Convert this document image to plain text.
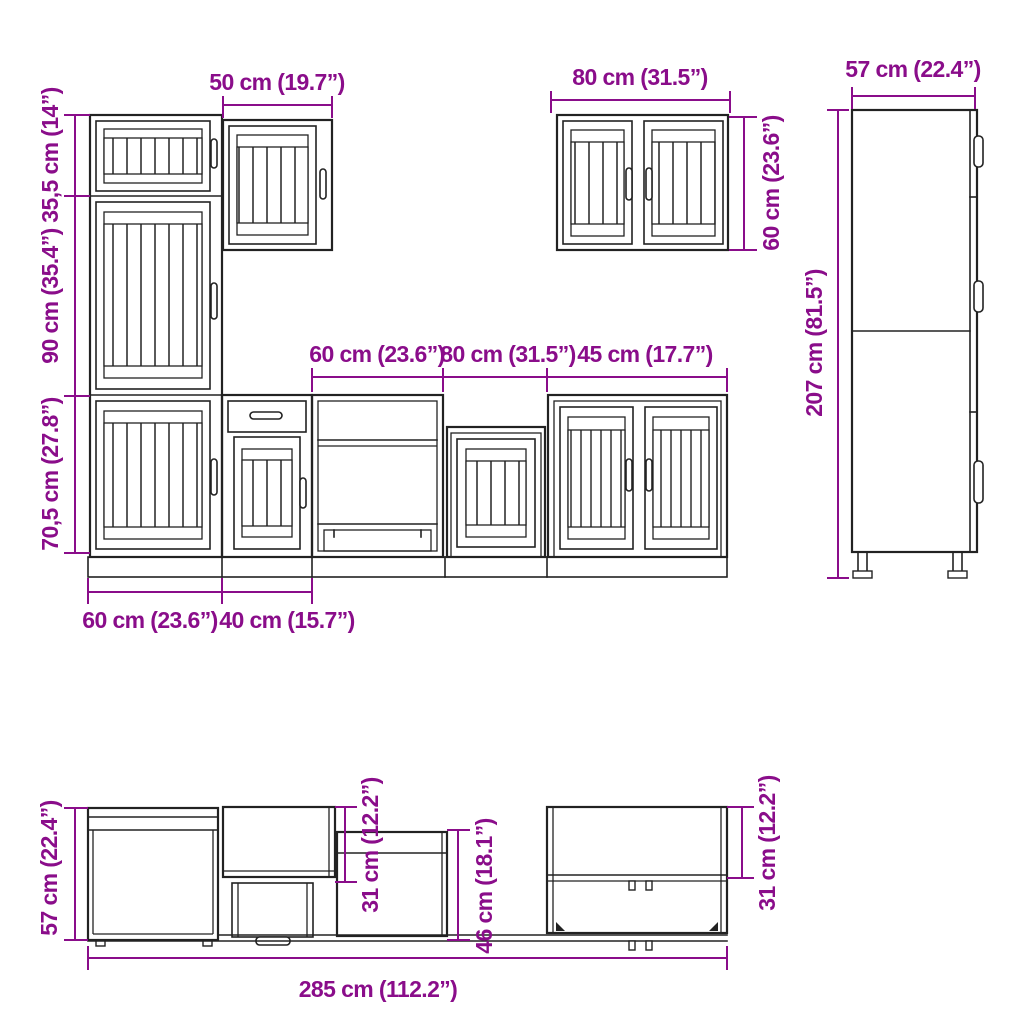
35,5 cm (14”)
90 cm (35.4”)
70,5 cm (27.8”)
50 cm (19.7”)	80 cm (31.5”)
60 cm (23.6”)
57 cm (22.4”)
207 cm (81.5”)
60 cm (23.6”)
80 cm (31.5”) 45 cm (17.7”)
60 cm (23.6”) 40 cm (15.7”)
57 cm (22.4”)	31 cm (12.2”)	46 cm (18.1”)	31 cm (12.2”)
285 cm (112.2”)
